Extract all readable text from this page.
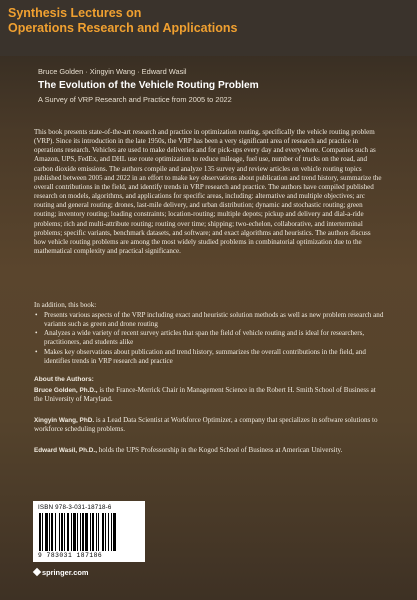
Synthesis Lectures on
Operations Research and Applications
Bruce Golden · Xingyin Wang · Edward Wasil
The Evolution of the Vehicle Routing Problem
A Survey of VRP Research and Practice from 2005 to 2022

This book presents state-of-the-art research and practice in optimization routing, specifically the vehicle routing problem (VRP). Since its introduction in the late 1950s, the VRP has been a very significant area of research and practice in operations research. Vehicles are used to make deliveries and for pick-ups every day and everywhere. Companies such as Amazon, UPS, FedEx, and DHL use route optimization to reduce mileage, fuel use, number of trucks on the road, and carbon dioxide emissions. The authors compile and analyze 135 survey and review articles on vehicle routing topics published between 2005 and 2022 in an effort to make key observations about publication and trend history, summarize the overall contributions in the field, and identify trends in VRP research and practice. The authors have compiled published research on models, algorithms, and applications for specific areas, including: alternative and multiple objectives; arc routing and general routing; drones, last-mile delivery, and urban distribution; dynamic and stochastic routing; green routing; inventory routing; loading constraints; location-routing; multiple depots; pickup and delivery and dial-a-ride problems; rich and multi-attribute routing; routing over time; shipping; two-echelon, collaborative, and interterminal problems; specific variants, benchmark datasets, and software; and exact algorithms and heuristics. The authors discuss how vehicle routing problems are among the most widely studied problems in combinatorial optimization due to the mathematical complexity and practical significance.

In addition, this book:

• Presents various aspects of the VRP including exact and heuristic solution methods as well as new problem research and variants such as green and drone routing
• Analyzes a wide variety of recent survey articles that span the field of vehicle routing and is ideal for researchers, practitioners, and students alike
• Makes key observations about publication and trend history, summarizes the overall contributions in the field, and identifies trends in VRP research and practice
About the Authors:

Bruce Golden, Ph.D., is the France-Merrick Chair in Management Science in the Robert H. Smith School of Business at the University of Maryland.

Xingyin Wang, PhD. is a Lead Data Scientist at Workforce Optimizer, a company that specializes in software solutions to workforce scheduling problems.

Edward Wasil, Ph.D., holds the UPS Professorship in the Kogod School of Business at American University.

ISBN 978-3-031-18718-6
9 783031 187186
springer.com
